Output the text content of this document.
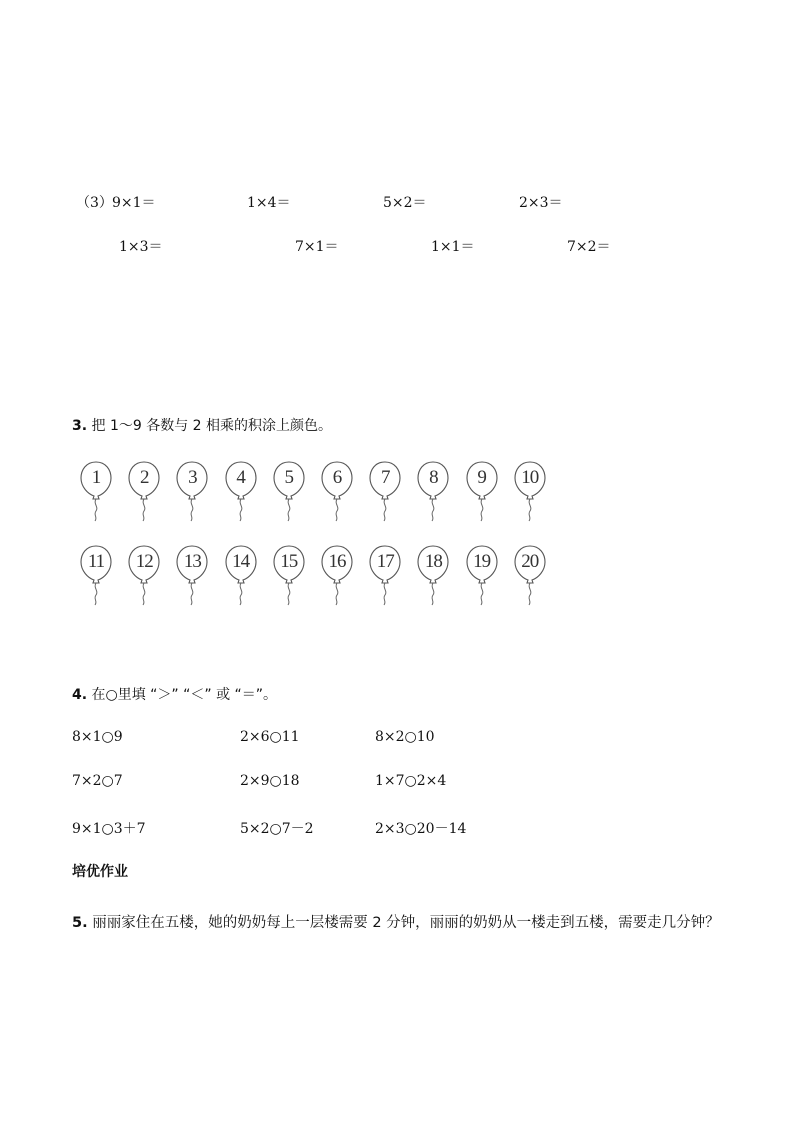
（3） 9×1＝	1×4＝	5×2＝	2×3＝
1×3＝	7×1＝	1×1＝	7×2＝
3. 把 1～9 各数与 2 相乘的积涂上颜色。
1	2	3	4	5	6	7	8	9	10
11	12	13	14	15	16	17	18	19	20
4. 在○里填 “＞” “＜” 或 “＝”。
8×1○9	2×6○11	8×2○10
7×2○7	2×9○18	1×7○2×4
9×1○3＋7	5×2○7－2	2×3○20－14
培优作业
5. 丽丽家住在五楼，她的奶奶每上一层楼需要 2 分钟，丽丽的奶奶从一楼走到五楼，需要走几分钟？
